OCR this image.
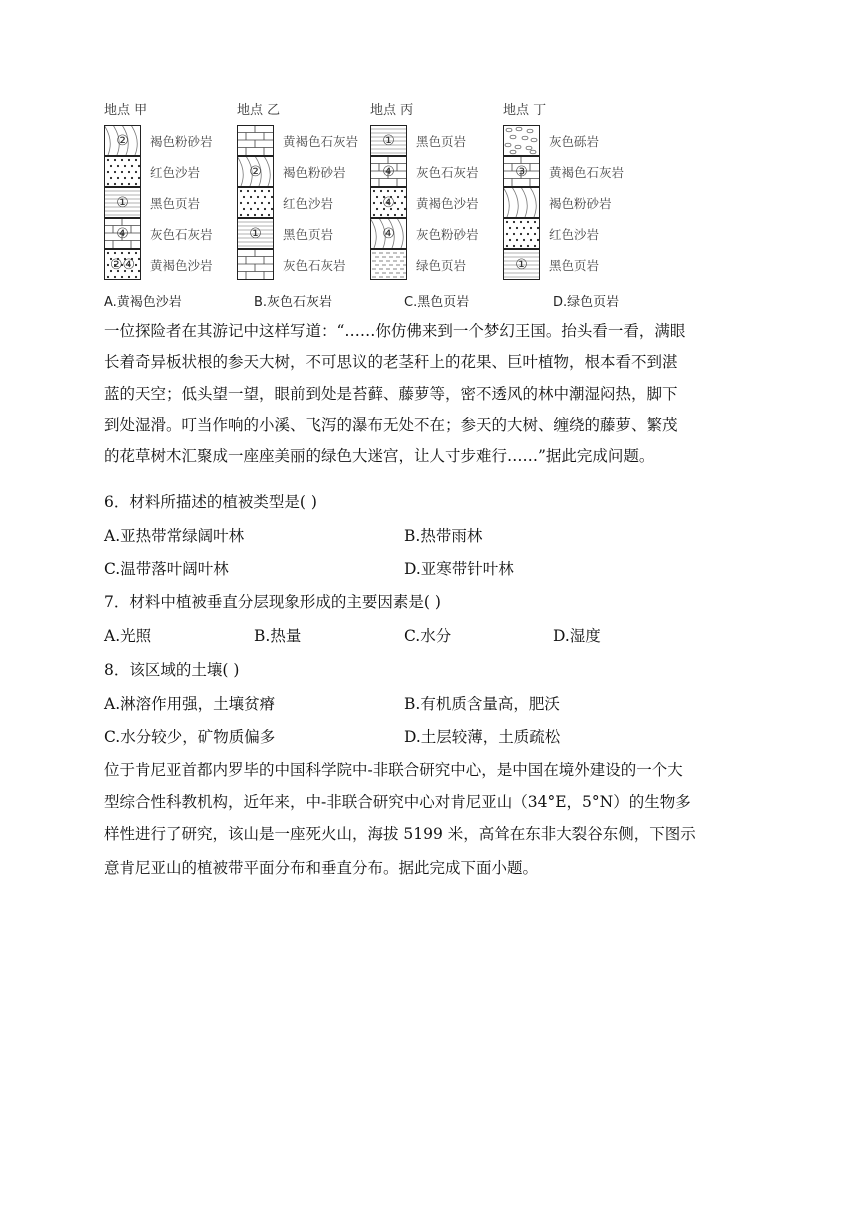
地点 甲
② 褐色粉砂岩
红色沙岩
① 黑色页岩
④ 灰色石灰岩
②④ 黄褐色沙岩
地点 乙
黄褐色石灰岩
② 褐色粉砂岩
红色沙岩
① 黑色页岩
灰色石灰岩
地点 丙
① 黑色页岩
④ 灰色石灰岩
④ 黄褐色沙岩
④ 灰色粉砂岩
绿色页岩
地点 丁
灰色砾岩
③ 黄褐色石灰岩
褐色粉砂岩
红色沙岩
① 黑色页岩
A.黄褐色沙岩	B.灰色石灰岩	C.黑色页岩	D.绿色页岩
一位探险者在其游记中这样写道：“……你仿佛来到一个梦幻王国。抬头看一看，满眼
长着奇异板状根的参天大树，不可思议的老茎秆上的花果、巨叶植物，根本看不到湛
蓝的天空；低头望一望，眼前到处是苔藓、藤萝等，密不透风的林中潮湿闷热，脚下
到处湿滑。叮当作响的小溪、飞泻的瀑布无处不在；参天的大树、缠绕的藤萝、繁茂
的花草树木汇聚成一座座美丽的绿色大迷宫，让人寸步难行……”据此完成问题。
6．材料所描述的植被类型是( )
A.亚热带常绿阔叶林	B.热带雨林
C.温带落叶阔叶林	D.亚寒带针叶林
7．材料中植被垂直分层现象形成的主要因素是( )
A.光照	B.热量	C.水分	D.湿度
8．该区域的土壤( )
A.淋溶作用强，土壤贫瘠	B.有机质含量高，肥沃
C.水分较少，矿物质偏多	D.土层较薄，土质疏松
位于肯尼亚首都内罗毕的中国科学院中-非联合研究中心，是中国在境外建设的一个大
型综合性科教机构，近年来，中-非联合研究中心对肯尼亚山（34°E，5°N）的生物多
样性进行了研究，该山是一座死火山，海拔 5199 米，高耸在东非大裂谷东侧，下图示
意肯尼亚山的植被带平面分布和垂直分布。据此完成下面小题。
